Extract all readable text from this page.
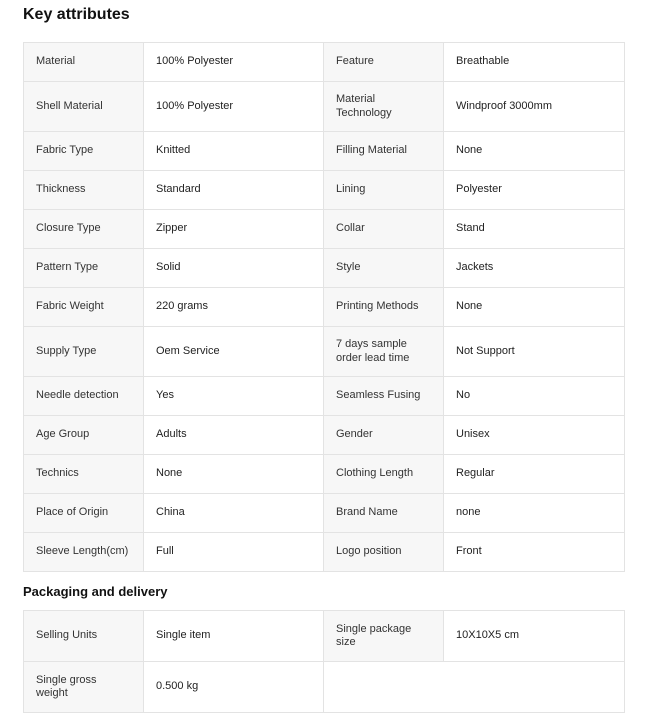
Key attributes
Material	100% Polyester	Feature	Breathable
Shell Material	100% Polyester	Material Technology	Windproof 3000mm
Fabric Type	Knitted	Filling Material	None
Thickness	Standard	Lining	Polyester
Closure Type	Zipper	Collar	Stand
Pattern Type	Solid	Style	Jackets
Fabric Weight	220 grams	Printing Methods	None
Supply Type	Oem Service	7 days sample order lead time	Not Support
Needle detection	Yes	Seamless Fusing	No
Age Group	Adults	Gender	Unisex
Technics	None	Clothing Length	Regular
Place of Origin	China	Brand Name	none
Sleeve Length(cm)	Full	Logo position	Front
Packaging and delivery
Selling Units	Single item	Single package size	10X10X5 cm
Single gross weight	0.500 kg		
